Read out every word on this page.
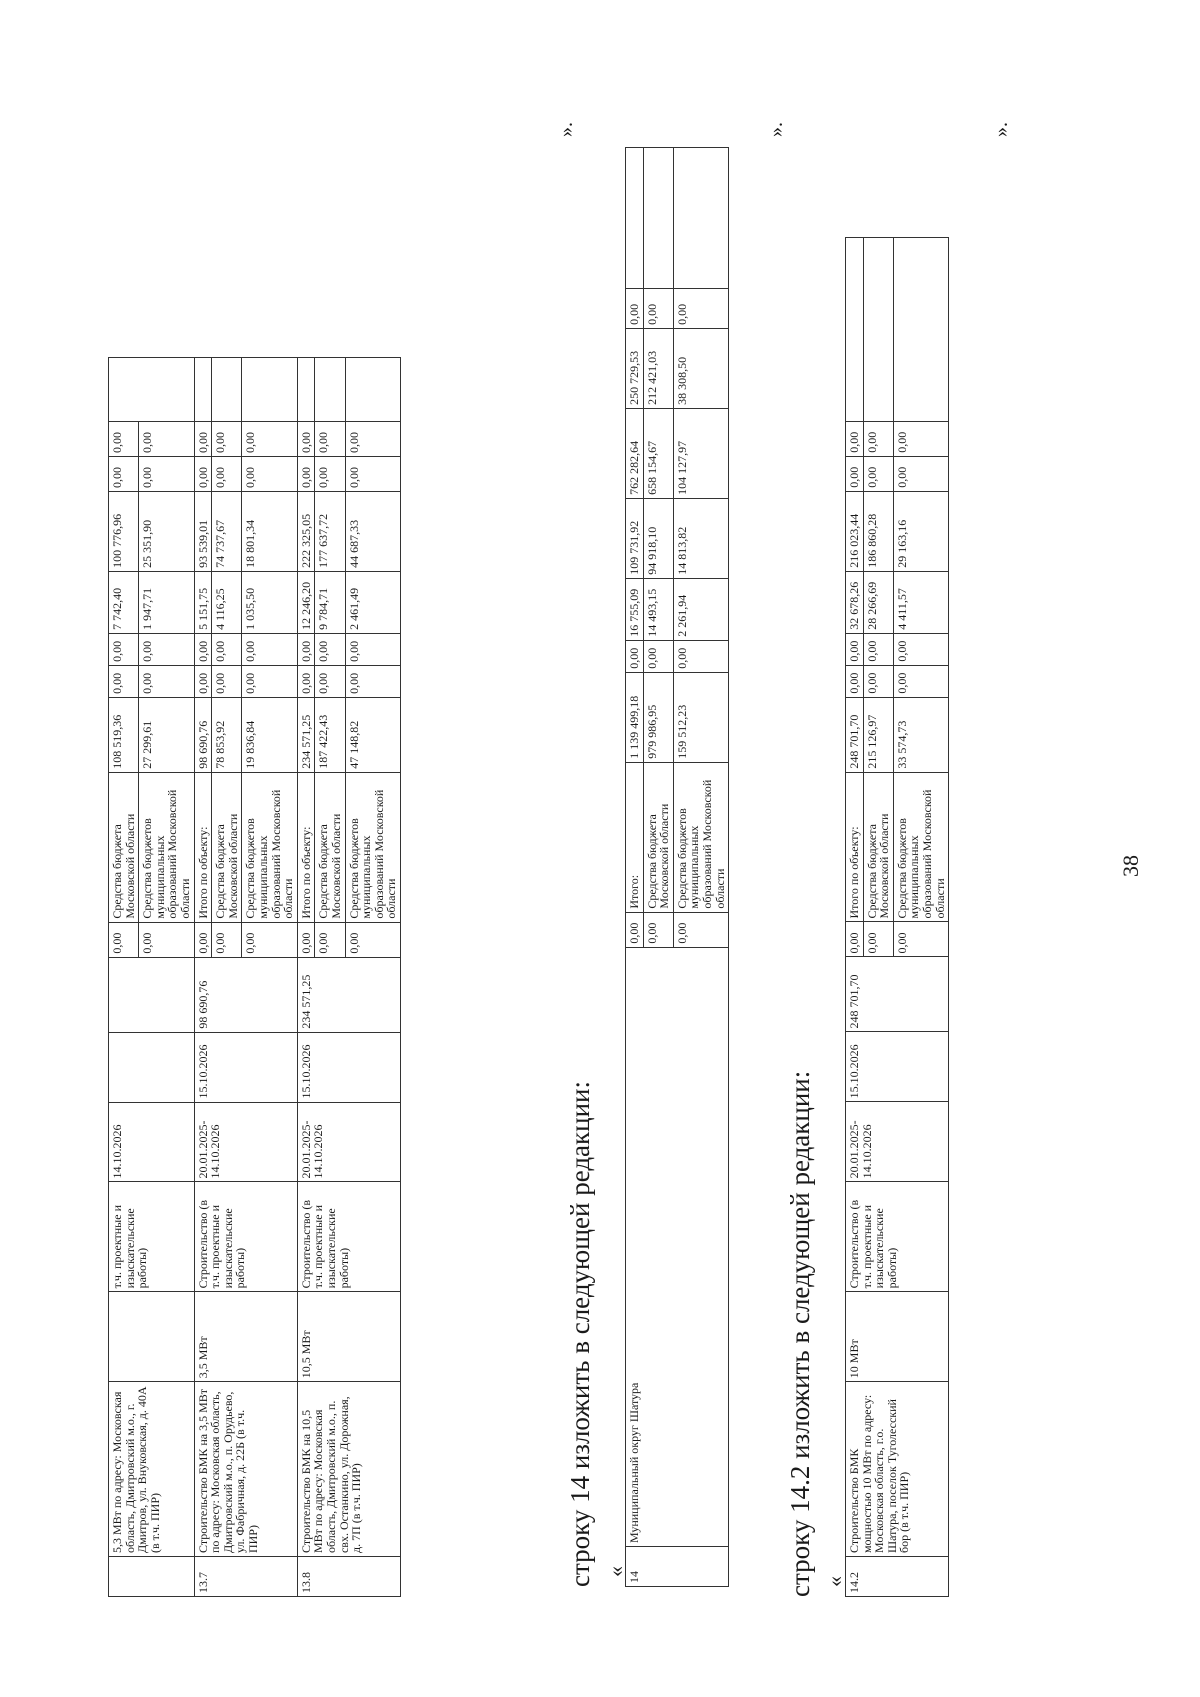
38
	5,3 МВт по адресу: Московская область, Дмитровский м.о., г. Дмитров, ул. Внуковская, д. 40А (в т.ч. ПИР)		т.ч. проектные и изыскательские работы)	14.10.2026			0,00	Средства бюджета Московской области	108 519,36	0,00	0,00	7 742,40	100 776,96	0,00	0,00	
							0,00	Средства бюджетов муниципальных образований Московской области	27 299,61	0,00	0,00	1 947,71	25 351,90	0,00	0,00	
13.7	Строительство БМК на 3,5 МВт по адресу: Московская область, Дмитровский м.о., п. Орудьево, ул. Фабричная, д. 22Б (в т.ч. ПИР)	3,5 МВт	Строительство (в т.ч. проектные и изыскательские работы)	20.01.2025-14.10.2026	15.10.2026	98 690,76	0,00	Итого по объекту:	98 690,76	0,00	0,00	5 151,75	93 539,01	0,00	0,00	
							0,00	Средства бюджета Московской области	78 853,92	0,00	0,00	4 116,25	74 737,67	0,00	0,00	
							0,00	Средства бюджетов муниципальных образований Московской области	19 836,84	0,00	0,00	1 035,50	18 801,34	0,00	0,00	
13.8	Строительство БМК на 10,5 МВт по адресу: Московская область, Дмитровский м.о., п. свх. Останкино, ул. Дорожная, д. 7П (в т.ч. ПИР)	10,5 МВт	Строительство (в т.ч. проектные и изыскательские работы)	20.01.2025-14.10.2026	15.10.2026	234 571,25	0,00	Итого по объекту:	234 571,25	0,00	0,00	12 246,20	222 325,05	0,00	0,00	
							0,00	Средства бюджета Московской области	187 422,43	0,00	0,00	9 784,71	177 637,72	0,00	0,00	
							0,00	Средства бюджетов муниципальных образований Московской области	47 148,82	0,00	0,00	2 461,49	44 687,33	0,00	0,00	
».
строку 14 изложить в следующей редакции: « 14	Муниципальный округ Шатура	0,00	Итого:	1 139 499,18	0,00	16 755,09	109 731,92	762 282,64	250 729,53	0,00	
		0,00	Средства бюджета Московской области	979 986,95	0,00	14 493,15	94 918,10	658 154,67	212 421,03	0,00	
		0,00	Средства бюджетов муниципальных образований Московской области	159 512,23	0,00	2 261,94	14 813,82	104 127,97	38 308,50	0,00	
».
строку 14.2 изложить в следующей редакции: « 14.2	Строительство БМК мощностью 10 МВт по адресу: Московская область, г.о. Шатура, поселок Туголесский бор (в т.ч. ПИР)	10 МВт	Строительство (в т.ч. проектные и изыскательские работы)	20.01.2025-14.10.2026	15.10.2026	248 701,70	0,00	Итого по объекту:	248 701,70	0,00	0,00	32 678,26	216 023,44	0,00	0,00	
							0,00	Средства бюджета Московской области	215 126,97	0,00	0,00	28 266,69	186 860,28	0,00	0,00	
							0,00	Средства бюджетов муниципальных образований Московской области	33 574,73	0,00	0,00	4 411,57	29 163,16	0,00	0,00	
».
